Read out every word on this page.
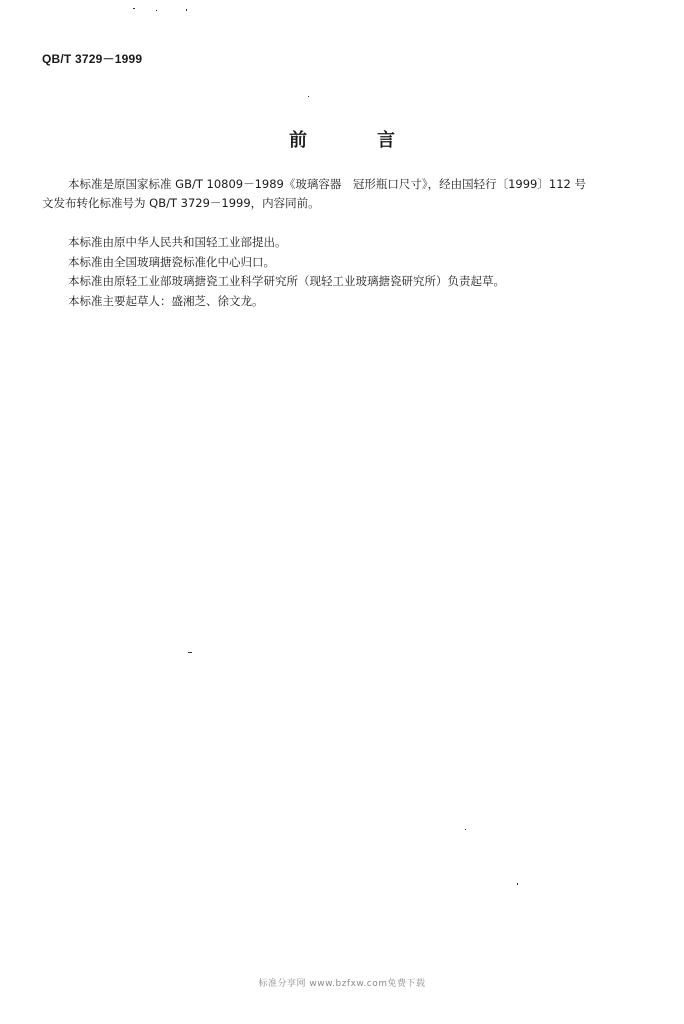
QB/T 3729－1999
前　言
本标准是原国家标准 GB/T 10809－1989《玻璃容器　冠形瓶口尺寸》，经由国轻行〔1999〕112 号
文发布转化标准号为 QB/T 3729－1999，内容同前。
本标准由原中华人民共和国轻工业部提出。
本标准由全国玻璃搪瓷标准化中心归口。
本标准由原轻工业部玻璃搪瓷工业科学研究所（现轻工业玻璃搪瓷研究所）负责起草。
本标准主要起草人：盛湘芝、徐文龙。
标准分享网 www.bzfxw.com免费下载
